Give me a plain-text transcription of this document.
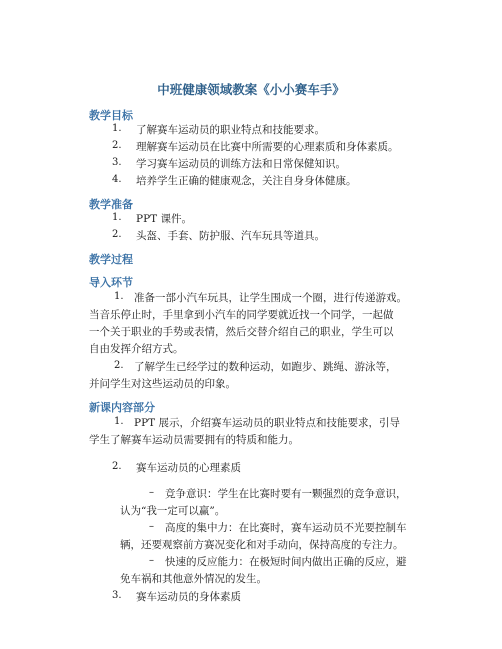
中班健康领域教案《小小赛车手》
教学目标
1. 了解赛车运动员的职业特点和技能要求。
2. 理解赛车运动员在比赛中所需要的心理素质和身体素质。
3. 学习赛车运动员的训练方法和日常保健知识。
4. 培养学生正确的健康观念，关注自身身体健康。
教学准备
1. PPT 课件。
2. 头盔、手套、防护服、汽车玩具等道具。
教学过程
导入环节
1. 准备一部小汽车玩具，让学生围成一个圈，进行传递游戏。
当音乐停止时，手里拿到小汽车的同学要就近找一个同学，一起做
一个关于职业的手势或表情，然后交替介绍自己的职业，学生可以
自由发挥介绍方式。
2. 了解学生已经学过的数种运动，如跑步、跳绳、游泳等，
并问学生对这些运动员的印象。
新课内容部分
1. PPT 展示，介绍赛车运动员的职业特点和技能要求，引导
学生了解赛车运动员需要拥有的特质和能力。
2. 赛车运动员的心理素质
– 竞争意识：学生在比赛时要有一颗强烈的竞争意识，
认为“我一定可以赢”。
– 高度的集中力：在比赛时，赛车运动员不光要控制车
辆，还要观察前方赛况变化和对手动向，保持高度的专注力。
– 快速的反应能力：在极短时间内做出正确的反应，避
免车祸和其他意外情况的发生。
3. 赛车运动员的身体素质
